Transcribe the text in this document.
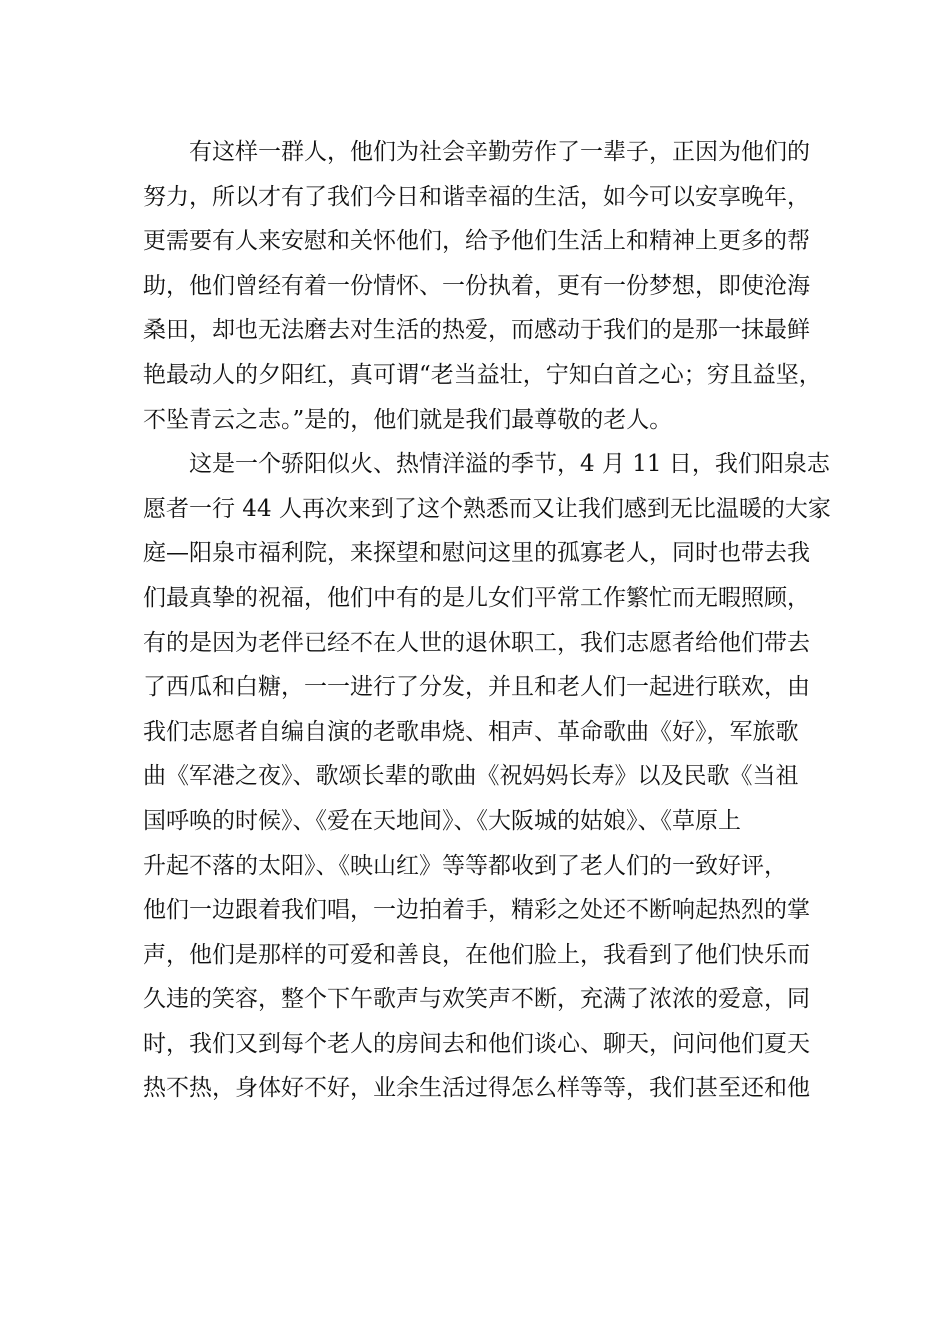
有这样一群人，他们为社会辛勤劳作了一辈子，正因为他们的
努力，所以才有了我们今日和谐幸福的生活，如今可以安享晚年，
更需要有人来安慰和关怀他们，给予他们生活上和精神上更多的帮
助，他们曾经有着一份情怀、一份执着，更有一份梦想，即使沧海
桑田，却也无法磨去对生活的热爱，而感动于我们的是那一抹最鲜
艳最动人的夕阳红，真可谓“老当益壮，宁知白首之心；穷且益坚，
不坠青云之志。”是的，他们就是我们最尊敬的老人。
这是一个骄阳似火、热情洋溢的季节，4 月 11 日，我们阳泉志
愿者一行 44 人再次来到了这个熟悉而又让我们感到无比温暖的大家
庭—阳泉市福利院，来探望和慰问这里的孤寡老人，同时也带去我
们最真挚的祝福，他们中有的是儿女们平常工作繁忙而无暇照顾，
有的是因为老伴已经不在人世的退休职工，我们志愿者给他们带去
了西瓜和白糖，一一进行了分发，并且和老人们一起进行联欢，由
我们志愿者自编自演的老歌串烧、相声、革命歌曲《好》，军旅歌
曲《军港之夜》、歌颂长辈的歌曲《祝妈妈长寿》以及民歌《当祖
国呼唤的时候》、《爱在天地间》、《大阪城的姑娘》、《草原上
升起不落的太阳》、《映山红》等等都收到了老人们的一致好评，
他们一边跟着我们唱，一边拍着手，精彩之处还不断响起热烈的掌
声，他们是那样的可爱和善良，在他们脸上，我看到了他们快乐而
久违的笑容，整个下午歌声与欢笑声不断，充满了浓浓的爱意，同
时，我们又到每个老人的房间去和他们谈心、聊天，问问他们夏天
热不热，身体好不好，业余生活过得怎么样等等，我们甚至还和他
